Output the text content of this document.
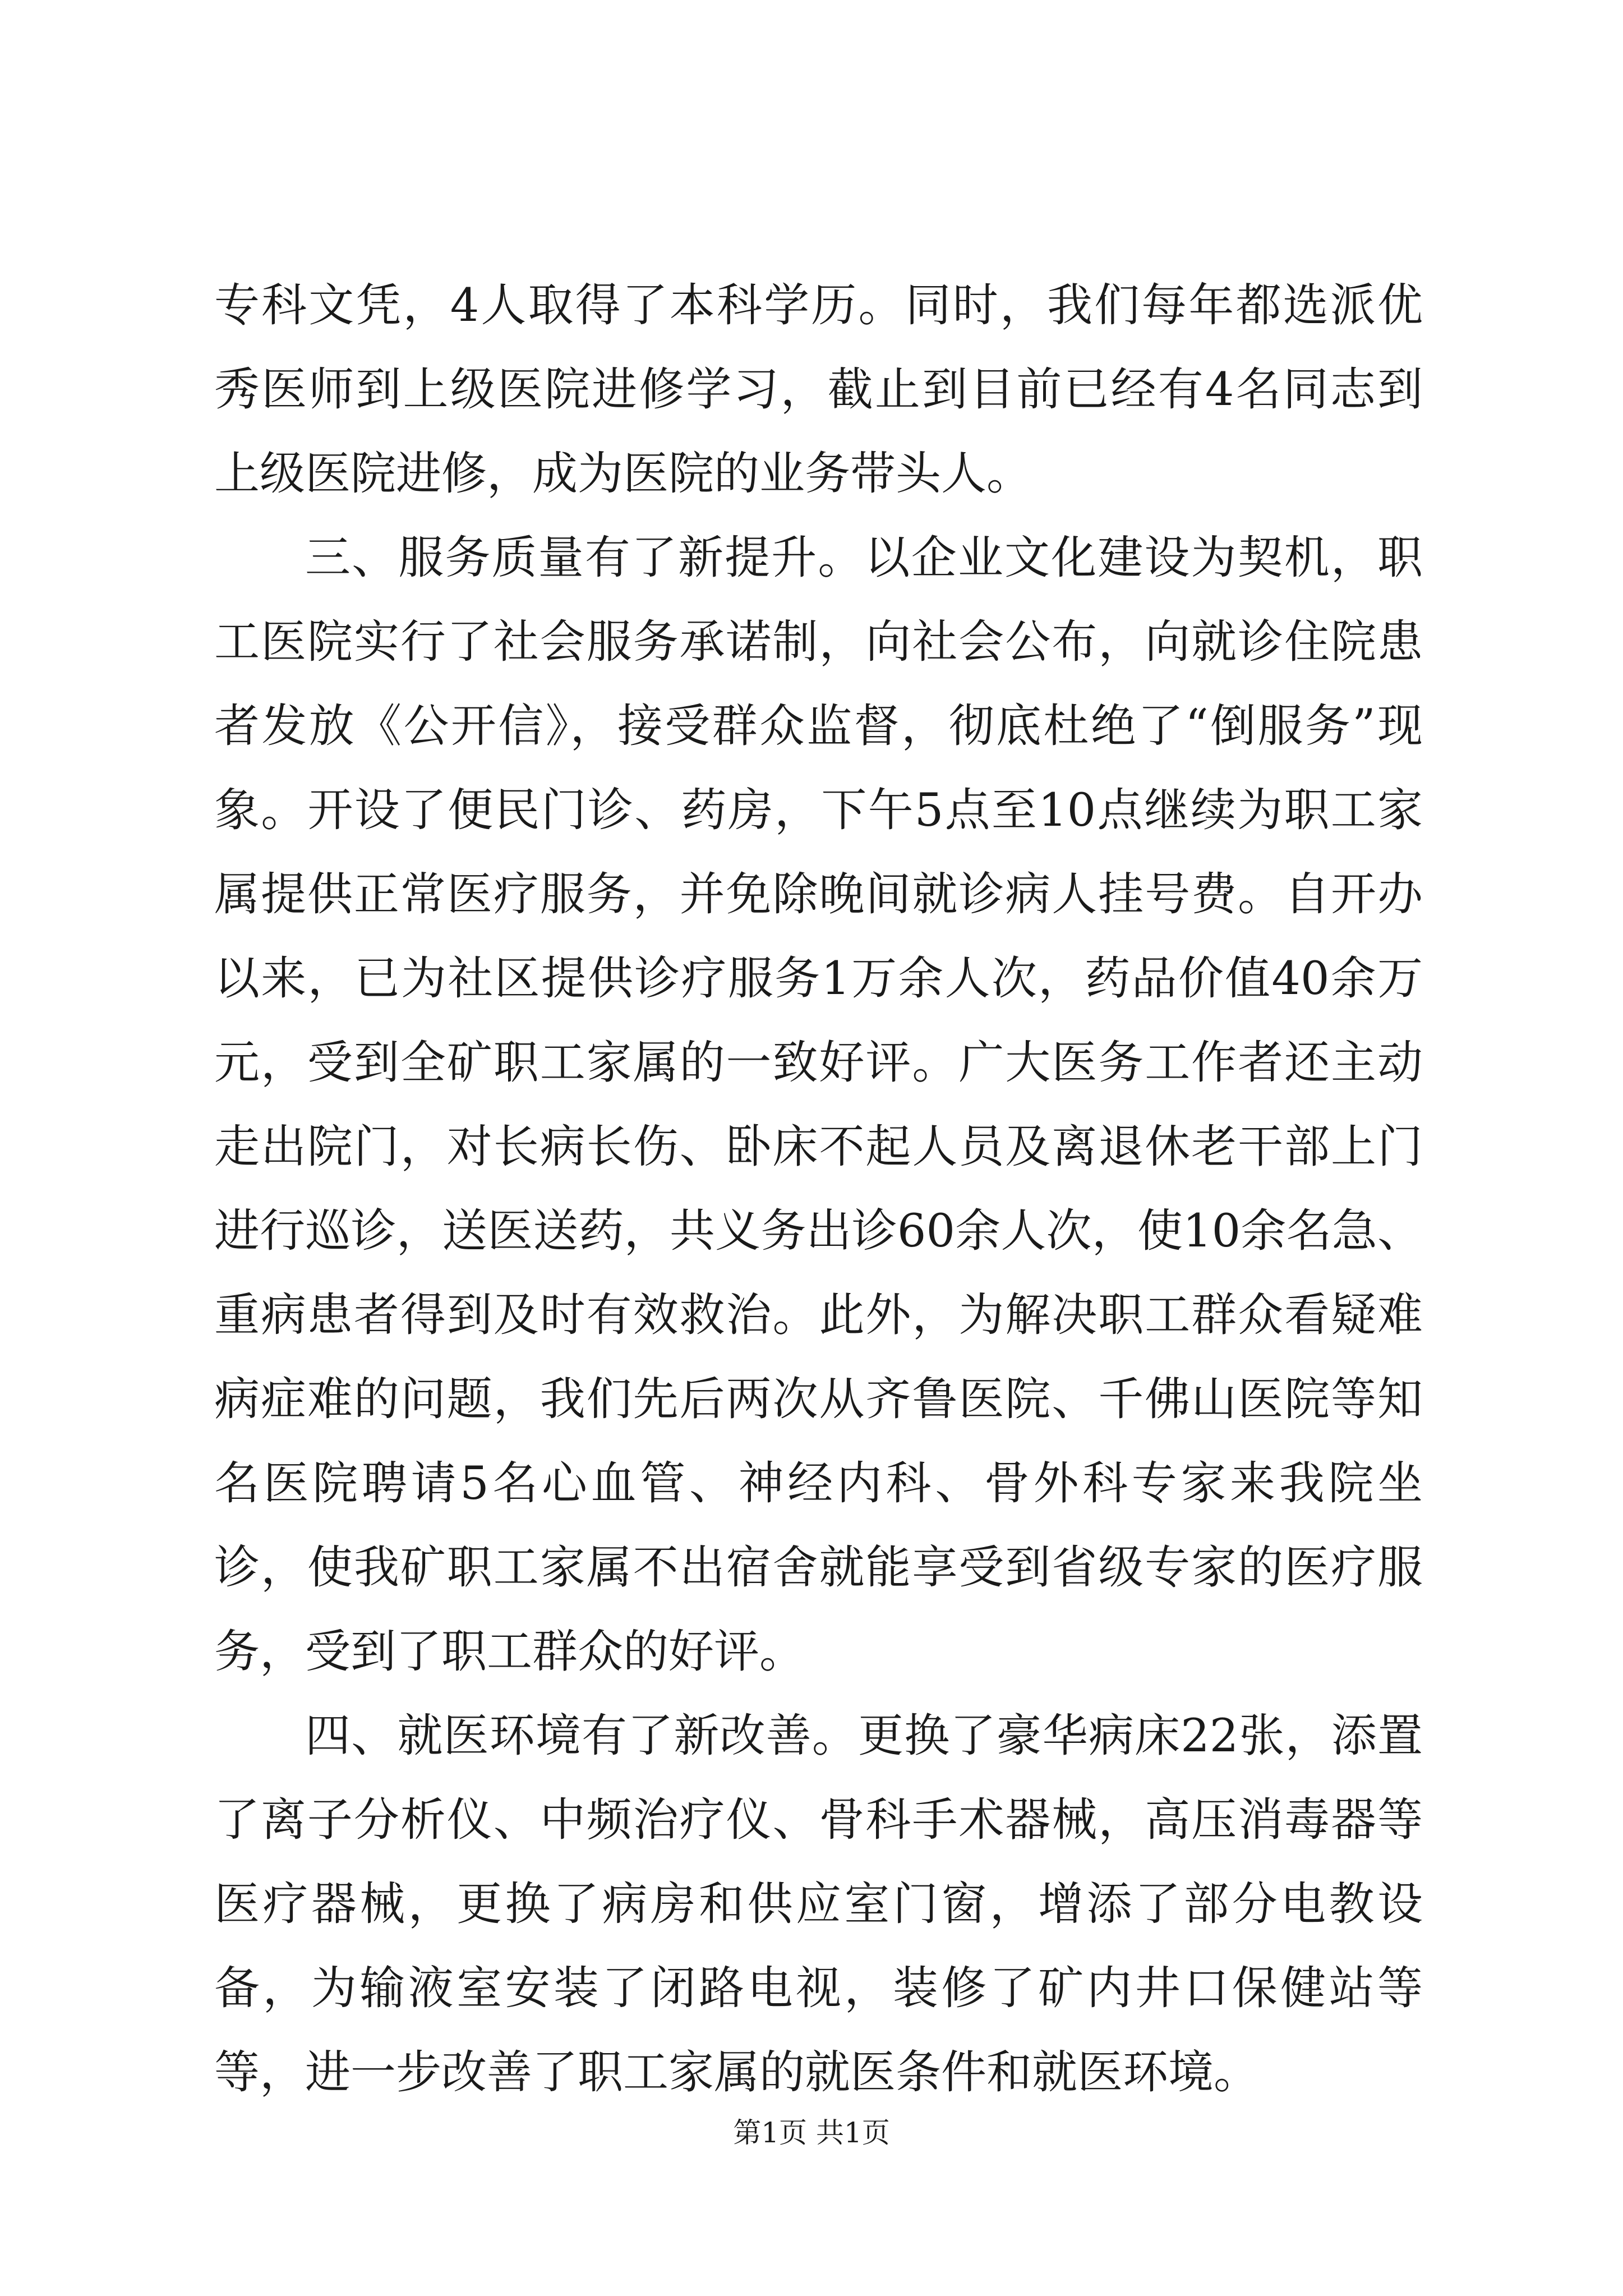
专科文凭，4人取得了本科学历。同时，我们每年都选派优秀医师到上级医院进修学习，截止到目前已经有4名同志到上级医院进修，成为医院的业务带头人。

三、服务质量有了新提升。以企业文化建设为契机，职工医院实行了社会服务承诺制，向社会公布，向就诊住院患者发放《公开信》，接受群众监督，彻底杜绝了“倒服务”现象。开设了便民门诊、药房，下午5点至10点继续为职工家属提供正常医疗服务，并免除晚间就诊病人挂号费。自开办以来，已为社区提供诊疗服务1万余人次，药品价值40余万元，受到全矿职工家属的一致好评。广大医务工作者还主动走出院门，对长病长伤、卧床不起人员及离退休老干部上门进行巡诊，送医送药，共义务出诊60余人次，使10余名急、重病患者得到及时有效救治。此外，为解决职工群众看疑难病症难的问题，我们先后两次从齐鲁医院、千佛山医院等知名医院聘请5名心血管、神经内科、骨外科专家来我院坐诊，使我矿职工家属不出宿舍就能享受到省级专家的医疗服务，受到了职工群众的好评。

四、就医环境有了新改善。更换了豪华病床22张，添置了离子分析仪、中频治疗仪、骨科手术器械，高压消毒器等医疗器械，更换了病房和供应室门窗，增添了部分电教设备，为输液室安装了闭路电视，装修了矿内井口保健站等等，进一步改善了职工家属的就医条件和就医环境。

第1页 共1页
